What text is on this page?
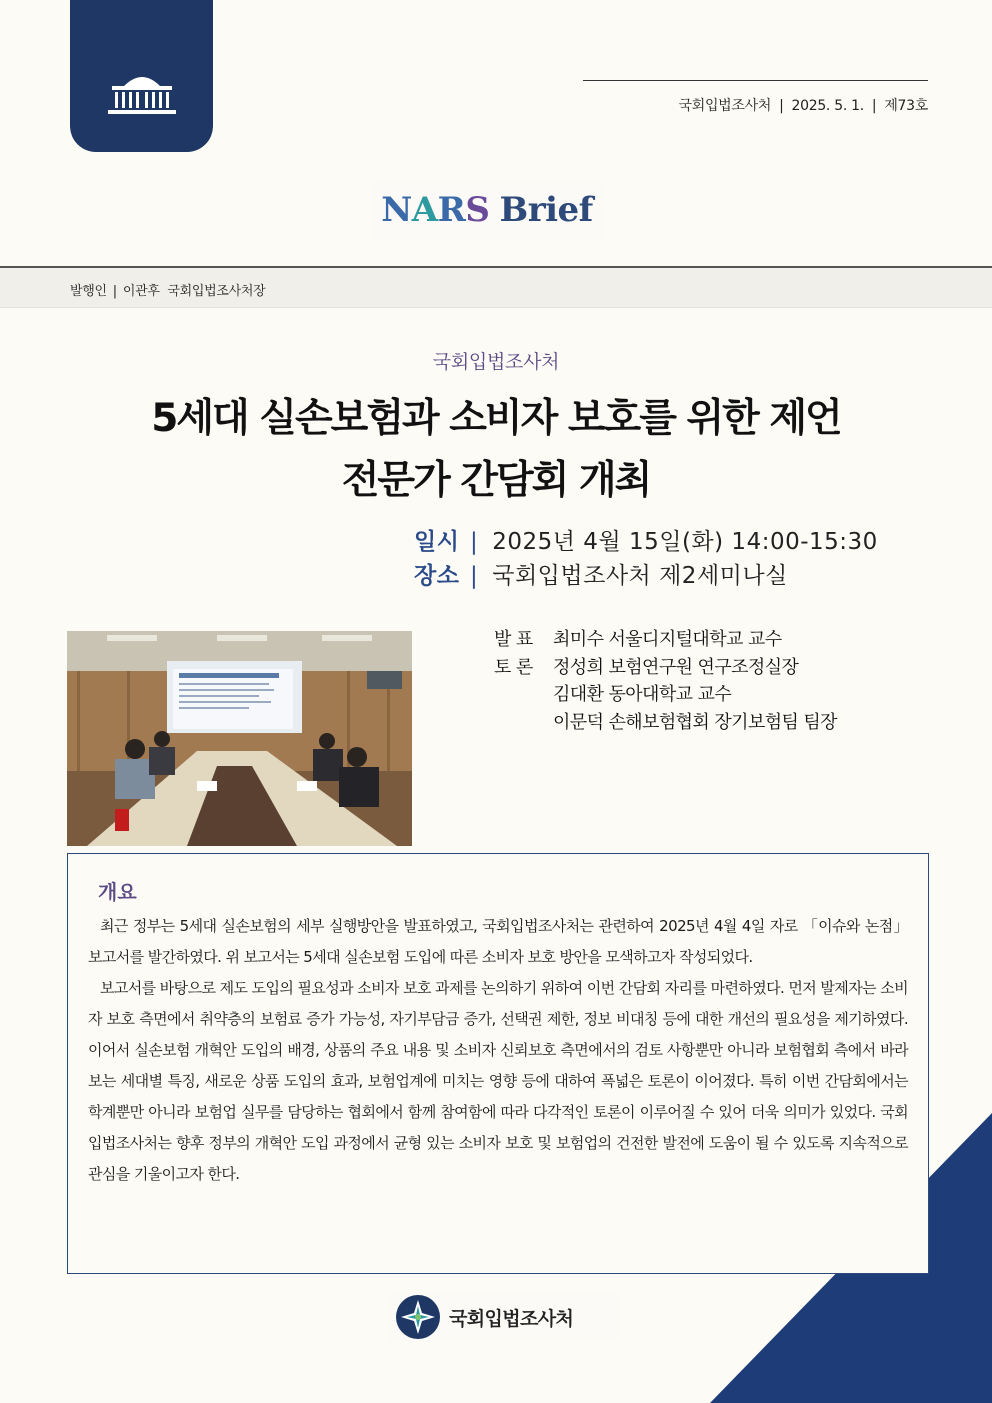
국회입법조사처 | 2025. 5. 1. | 제73호
NARS Brief
발행인 | 이관후 국회입법조사처장
국회입법조사처
5세대 실손보험과 소비자 보호를 위한 제언
전문가 간담회 개최
일시 | 2025년 4월 15일(화) 14:00-15:30
장소 | 국회입법조사처 제2세미나실
발 표	최미수 서울디지털대학교 교수
토 론	정성희 보험연구원 연구조정실장
김대환 동아대학교 교수
이문덕 손해보험협회 장기보험팀 팀장
개요

최근 정부는 5세대 실손보험의 세부 실행방안을 발표하였고, 국회입법조사처는 관련하여 2025년 4월 4일 자로 「이슈와 논점」 보고서를 발간하였다. 위 보고서는 5세대 실손보험 도입에 따른 소비자 보호 방안을 모색하고자 작성되었다.

보고서를 바탕으로 제도 도입의 필요성과 소비자 보호 과제를 논의하기 위하여 이번 간담회 자리를 마련하였다. 먼저 발제자는 소비자 보호 측면에서 취약층의 보험료 증가 가능성, 자기부담금 증가, 선택권 제한, 정보 비대칭 등에 대한 개선의 필요성을 제기하였다. 이어서 실손보험 개혁안 도입의 배경, 상품의 주요 내용 및 소비자 신뢰보호 측면에서의 검토 사항뿐만 아니라 보험협회 측에서 바라보는 세대별 특징, 새로운 상품 도입의 효과, 보험업계에 미치는 영향 등에 대하여 폭넓은 토론이 이어졌다. 특히 이번 간담회에서는 학계뿐만 아니라 보험업 실무를 담당하는 협회에서 함께 참여함에 따라 다각적인 토론이 이루어질 수 있어 더욱 의미가 있었다. 국회입법조사처는 향후 정부의 개혁안 도입 과정에서 균형 있는 소비자 보호 및 보험업의 건전한 발전에 도움이 될 수 있도록 지속적으로 관심을 기울이고자 한다.

국회입법조사처
